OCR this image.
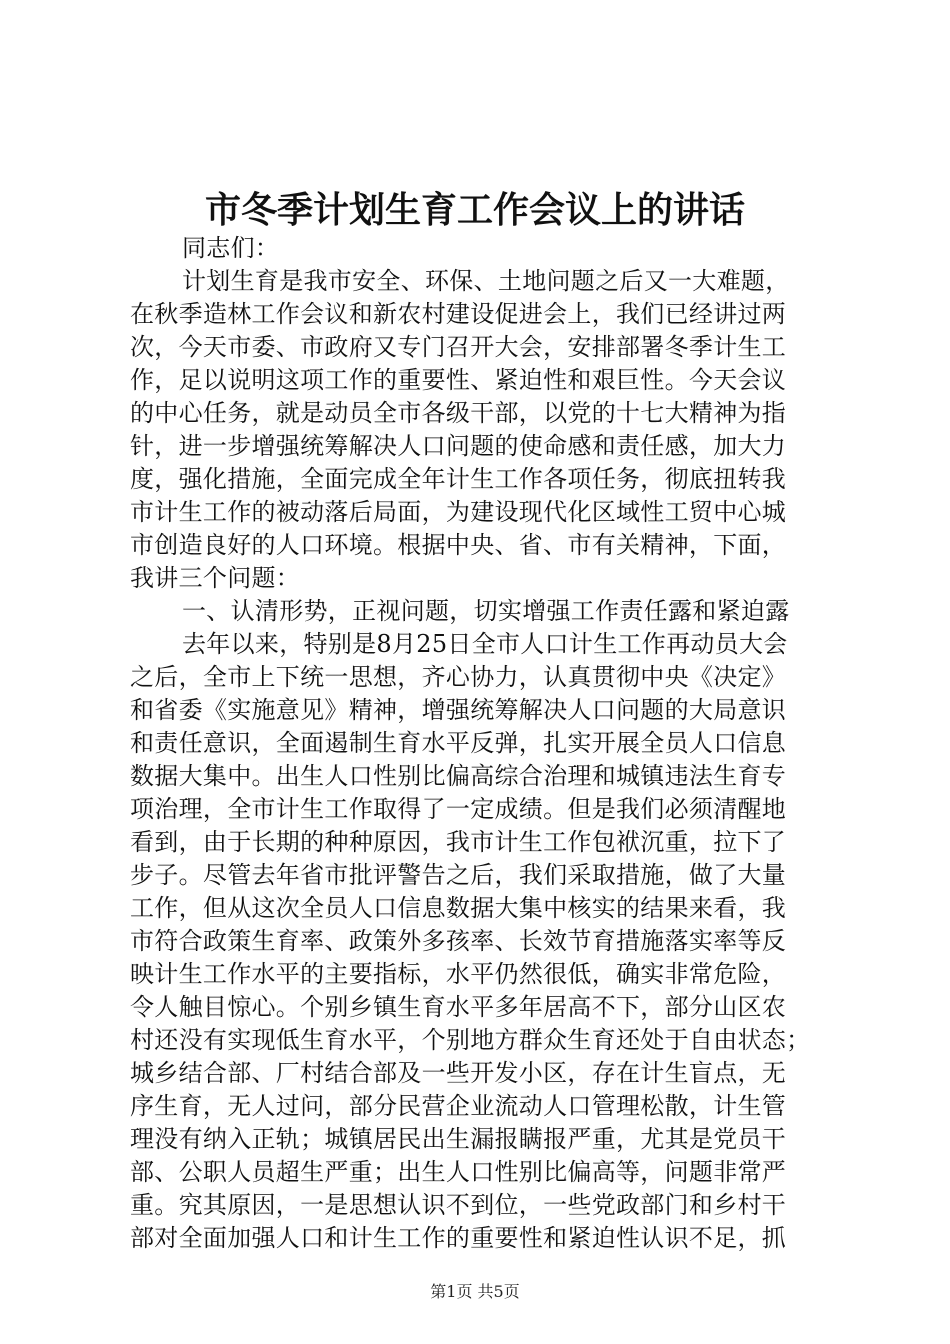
市冬季计划生育工作会议上的讲话
同志们：
计划生育是我市安全、环保、土地问题之后又一大难题，
在秋季造林工作会议和新农村建设促进会上，我们已经讲过两
次，今天市委、市政府又专门召开大会，安排部署冬季计生工
作，足以说明这项工作的重要性、紧迫性和艰巨性。今天会议
的中心任务，就是动员全市各级干部，以党的十七大精神为指
针，进一步增强统筹解决人口问题的使命感和责任感，加大力
度，强化措施，全面完成全年计生工作各项任务，彻底扭转我
市计生工作的被动落后局面，为建设现代化区域性工贸中心城
市创造良好的人口环境。根据中央、省、市有关精神，下面，
我讲三个问题：
一、认清形势，正视问题，切实增强工作责任露和紧迫露
去年以来，特别是8月25日全市人口计生工作再动员大会
之后，全市上下统一思想，齐心协力，认真贯彻中央《决定》
和省委《实施意见》精神，增强统筹解决人口问题的大局意识
和责任意识，全面遏制生育水平反弹，扎实开展全员人口信息
数据大集中。出生人口性别比偏高综合治理和城镇违法生育专
项治理，全市计生工作取得了一定成绩。但是我们必须清醒地
看到，由于长期的种种原因，我市计生工作包袱沉重，拉下了
步子。尽管去年省市批评警告之后，我们采取措施，做了大量
工作，但从这次全员人口信息数据大集中核实的结果来看，我
市符合政策生育率、政策外多孩率、长效节育措施落实率等反
映计生工作水平的主要指标，水平仍然很低，确实非常危险，
令人触目惊心。个别乡镇生育水平多年居高不下，部分山区农
村还没有实现低生育水平，个别地方群众生育还处于自由状态；
城乡结合部、厂村结合部及一些开发小区，存在计生盲点，无
序生育，无人过问，部分民营企业流动人口管理松散，计生管
理没有纳入正轨；城镇居民出生漏报瞒报严重，尤其是党员干
部、公职人员超生严重；出生人口性别比偏高等，问题非常严
重。究其原因，一是思想认识不到位，一些党政部门和乡村干
部对全面加强人口和计生工作的重要性和紧迫性认识不足，抓
第1页 共5页
